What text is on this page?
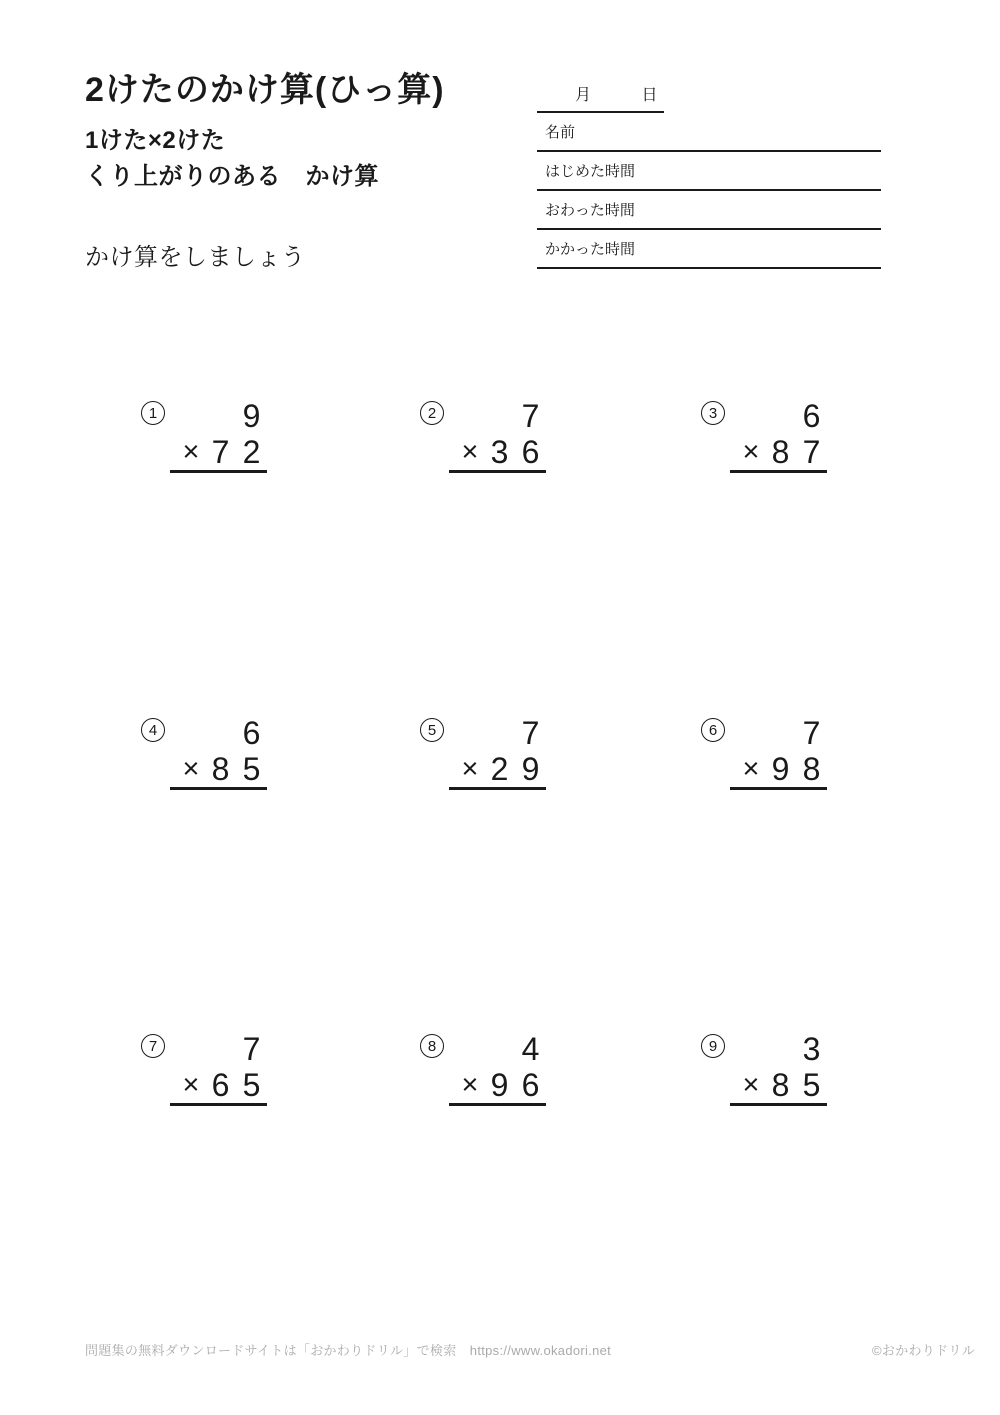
2けたのかけ算(ひっ算)
1けた×2けた
くり上がりのある　かけ算
かけ算をしましょう
月	日
名前
はじめた時間
おわった時間
かかった時間
1	9
× 7 2
2	7
× 3 6
3	6
× 8 7
4	6
× 8 5
5	7
× 2 9
6	7
× 9 8
7	7
× 6 5
8	4
× 9 6
9	3
× 8 5
問題集の無料ダウンロードサイトは「おかわりドリル」で検索　https://www.okadori.net	©おかわりドリル
